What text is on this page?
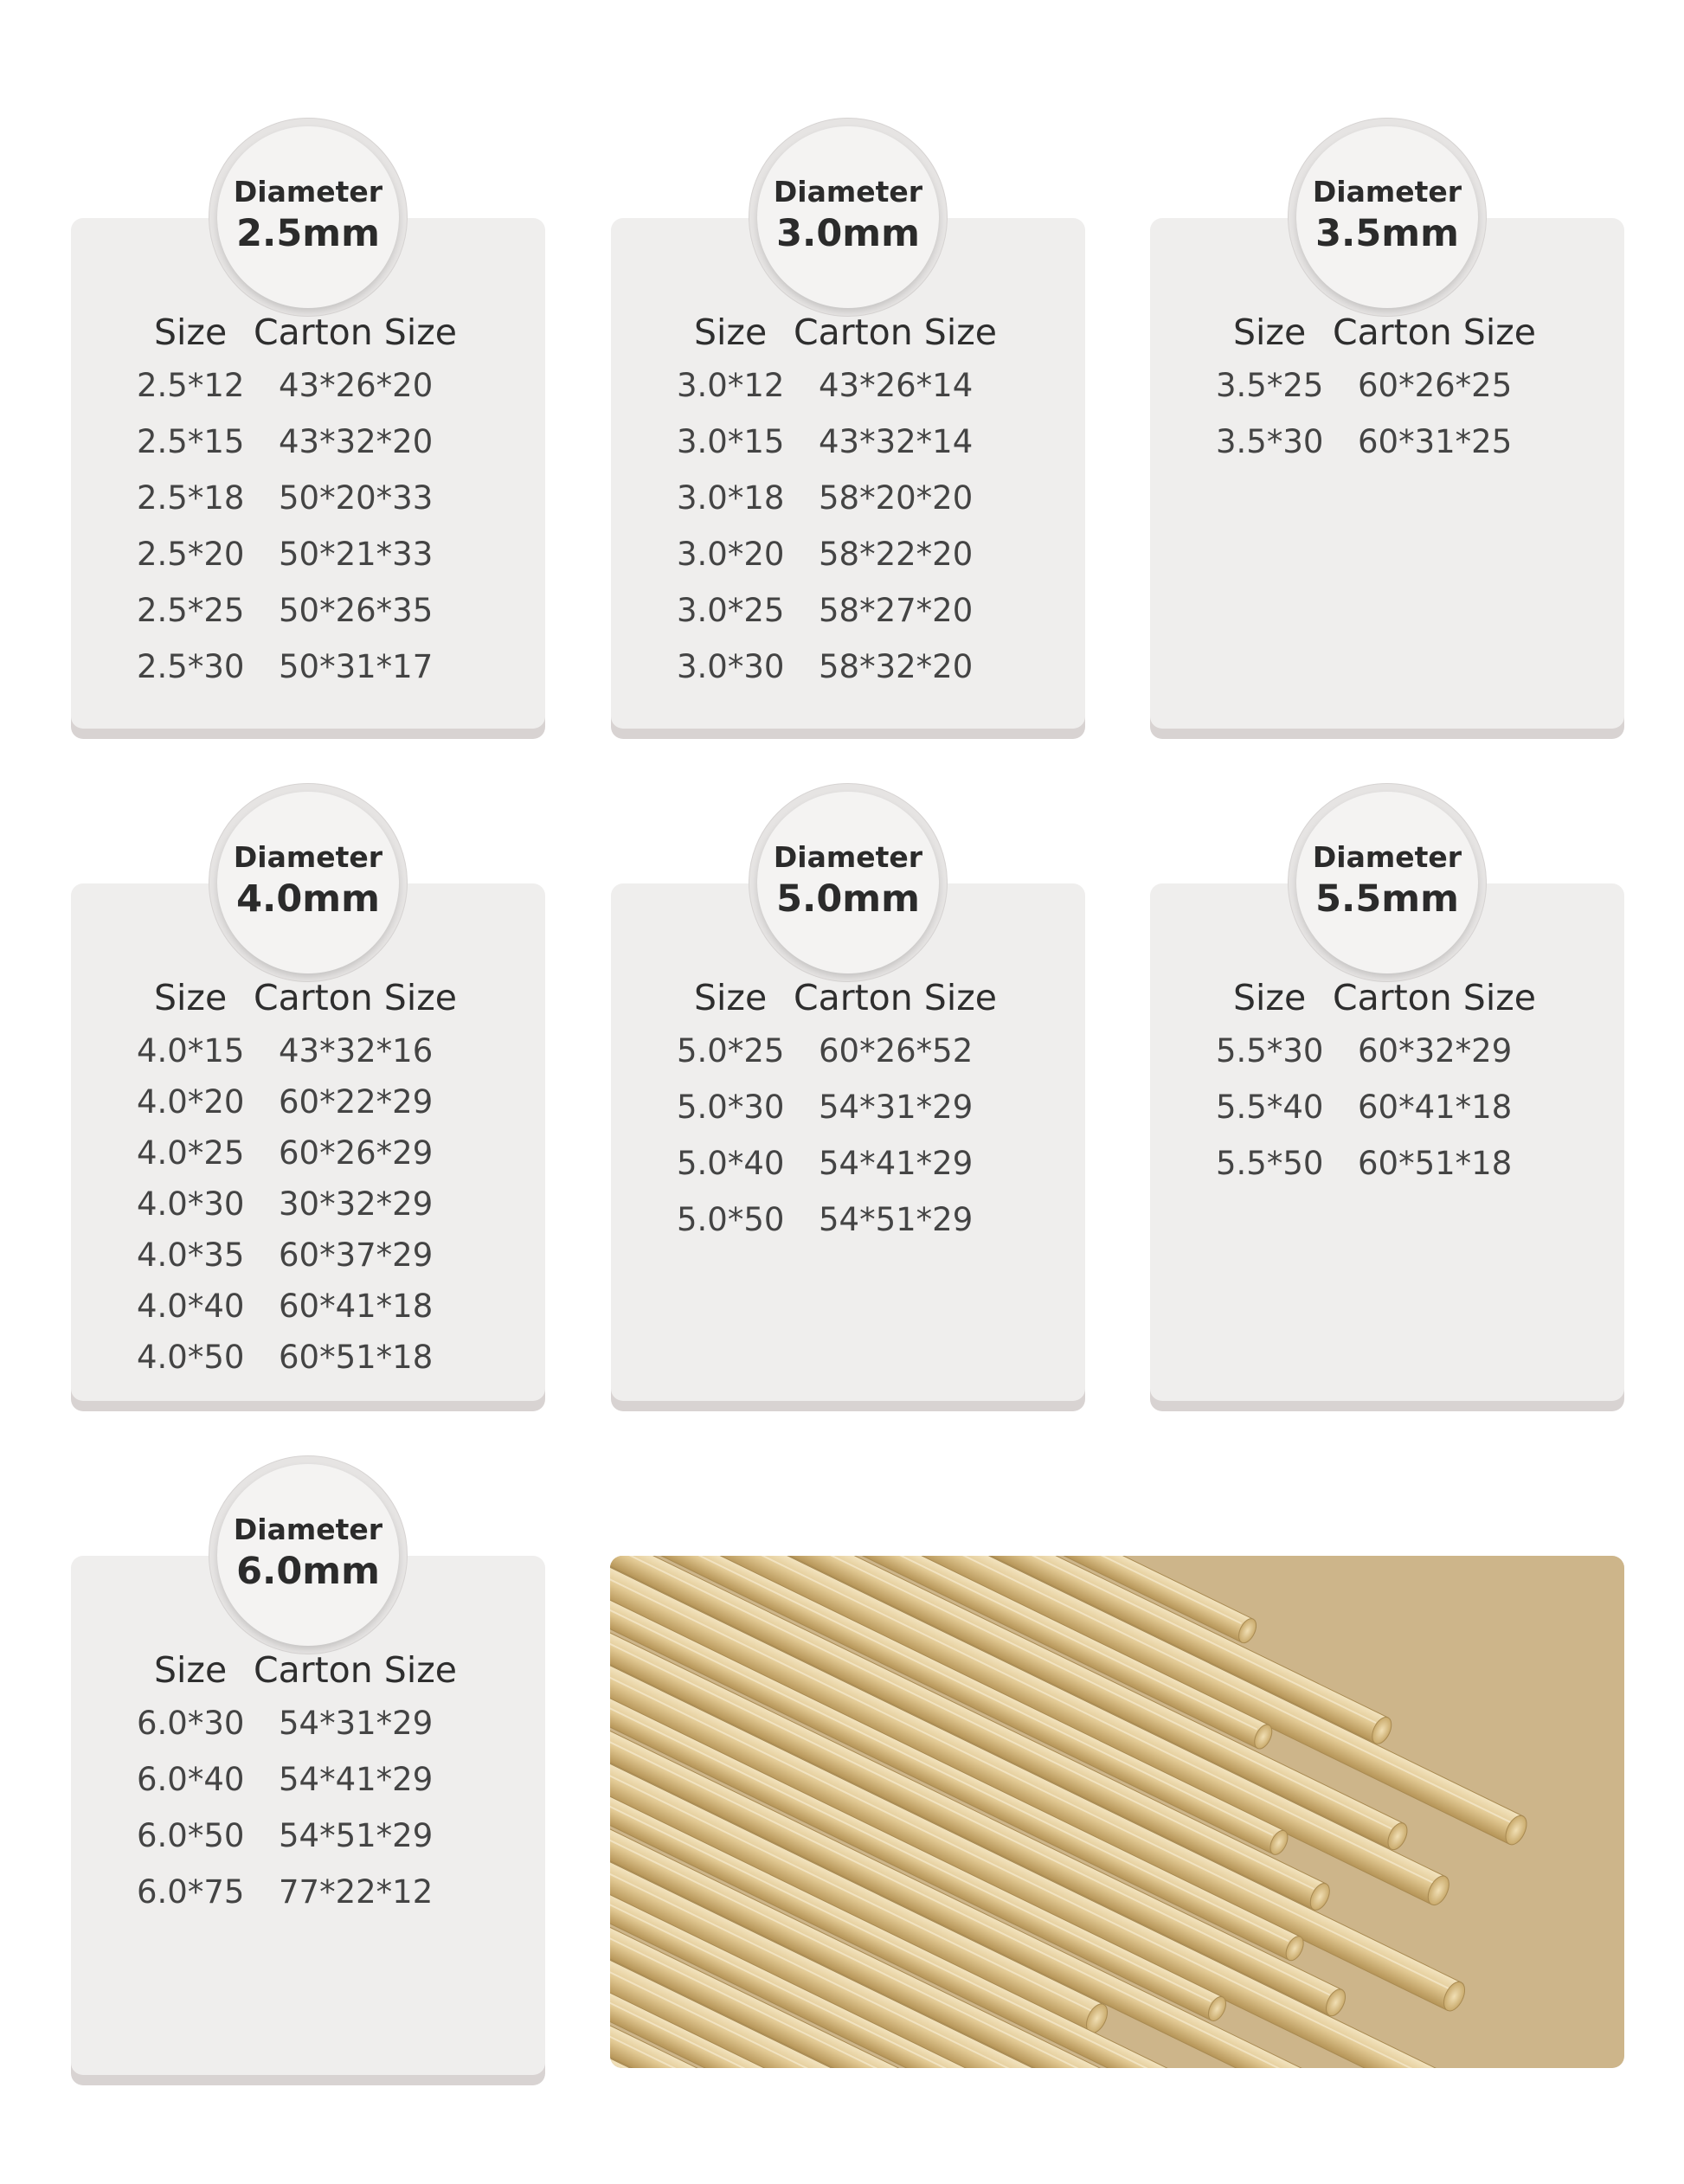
Diameter
2.5mm
Size Carton Size
2.5*12 43*26*20
2.5*15 43*32*20
2.5*18 50*20*33
2.5*20 50*21*33
2.5*25 50*26*35
2.5*30 50*31*17
Diameter
3.0mm
Size Carton Size
3.0*12 43*26*14
3.0*15 43*32*14
3.0*18 58*20*20
3.0*20 58*22*20
3.0*25 58*27*20
3.0*30 58*32*20
Diameter
3.5mm
Size Carton Size
3.5*25 60*26*25
3.5*30 60*31*25
Diameter
4.0mm
Size Carton Size
4.0*15 43*32*16
4.0*20 60*22*29
4.0*25 60*26*29
4.0*30 30*32*29
4.0*35 60*37*29
4.0*40 60*41*18
4.0*50 60*51*18
Diameter
5.0mm
Size Carton Size
5.0*25 60*26*52
5.0*30 54*31*29
5.0*40 54*41*29
5.0*50 54*51*29
Diameter
5.5mm
Size Carton Size
5.5*30 60*32*29
5.5*40 60*41*18
5.5*50 60*51*18
Diameter
6.0mm
Size Carton Size
6.0*30 54*31*29
6.0*40 54*41*29
6.0*50 54*51*29
6.0*75 77*22*12
